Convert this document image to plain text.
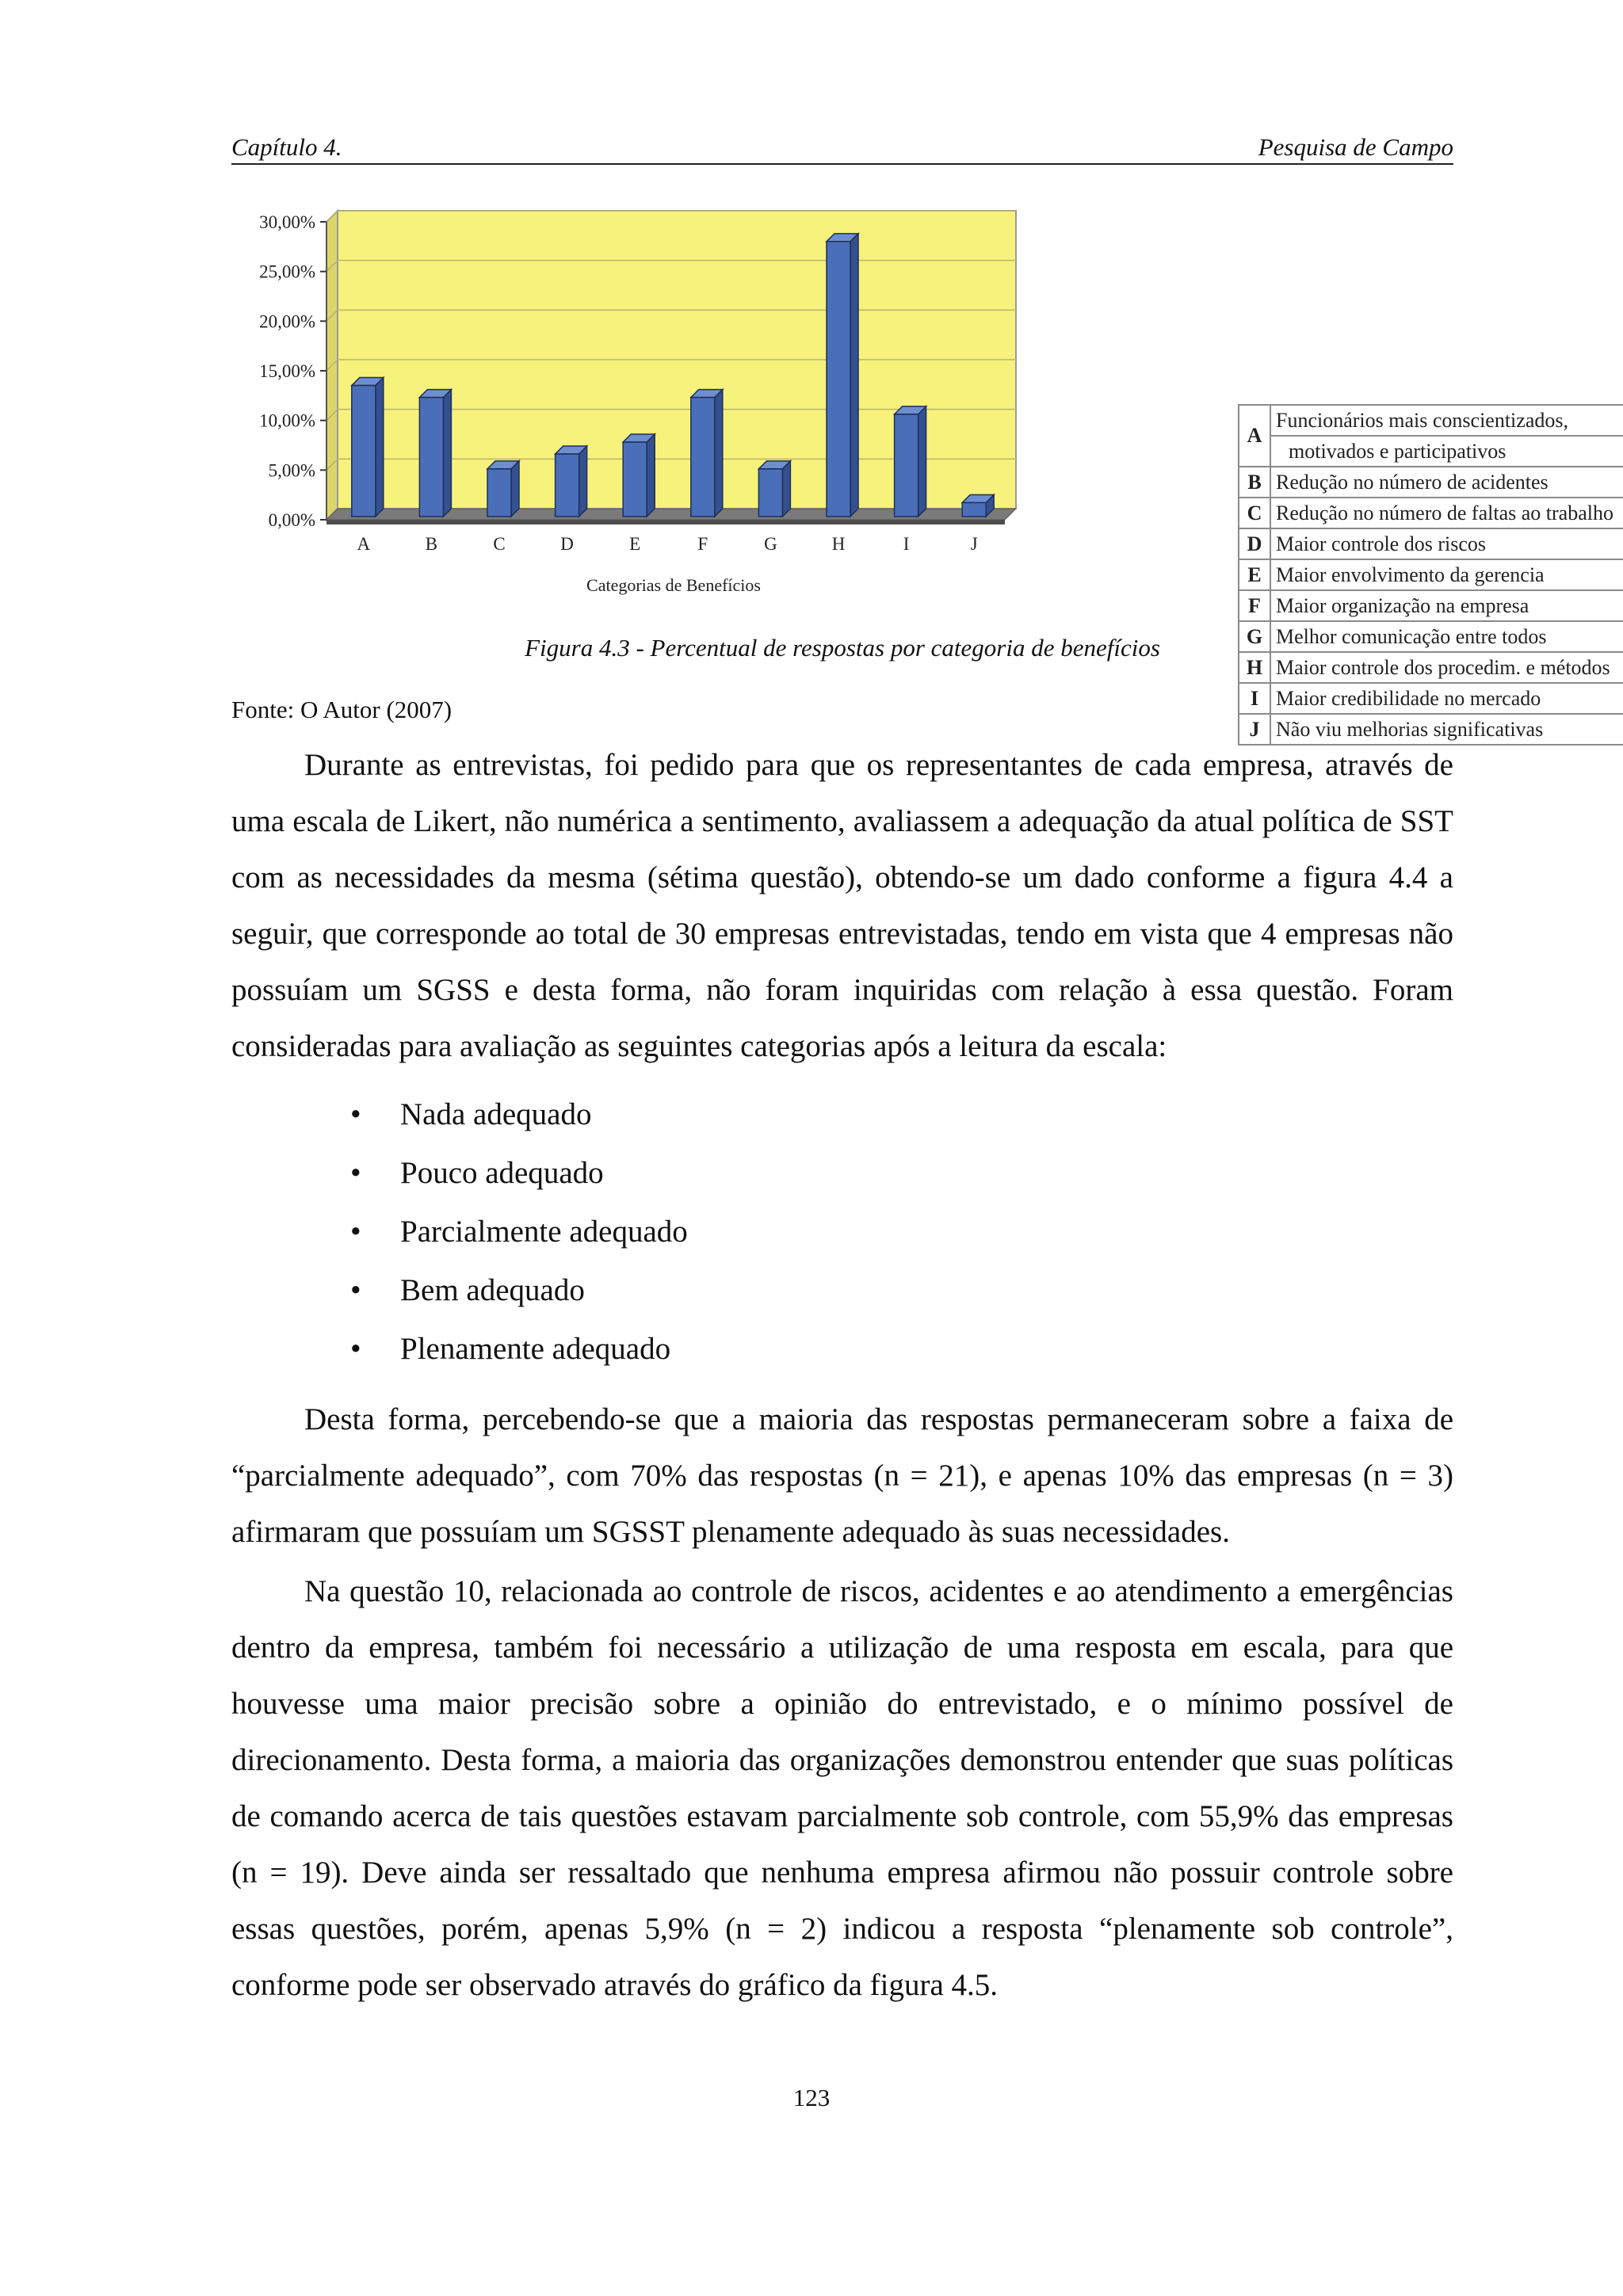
Capítulo 4.	Pesquisa de Campo
0,00%
5,00%
10,00%
15,00%
20,00%
25,00%
30,00%
A	B	C	D	E	F	G	H	I	J
Categorias de Benefícios
A	Funcionários mais conscientizados,
	motivados e participativos
B	Redução no número de acidentes
C	Redução no número de faltas ao trabalho
D	Maior controle dos riscos
E	Maior envolvimento da gerencia
F	Maior organização na empresa
G	Melhor comunicação entre todos
H	Maior controle dos procedim. e métodos
I	Maior credibilidade no mercado
J	Não viu melhorias significativas
Figura 4.3 - Percentual de respostas por categoria de benefícios
Fonte: O Autor (2007)

Durante as entrevistas, foi pedido para que os representantes de cada empresa, através de uma escala de Likert, não numérica a sentimento, avaliassem a adequação da atual política de SST com as necessidades da mesma (sétima questão), obtendo-se um dado conforme a figura 4.4 a seguir, que corresponde ao total de 30 empresas entrevistadas, tendo em vista que 4 empresas não possuíam um SGSS e desta forma, não foram inquiridas com relação à essa questão. Foram consideradas para avaliação as seguintes categorias após a leitura da escala:

• Nada adequado
• Pouco adequado
• Parcialmente adequado
• Bem adequado
• Plenamente adequado

Desta forma, percebendo-se que a maioria das respostas permaneceram sobre a faixa de “parcialmente adequado”, com 70% das respostas (n = 21), e apenas 10% das empresas (n = 3) afirmaram que possuíam um SGSST plenamente adequado às suas necessidades.

Na questão 10, relacionada ao controle de riscos, acidentes e ao atendimento a emergências dentro da empresa, também foi necessário a utilização de uma resposta em escala, para que houvesse uma maior precisão sobre a opinião do entrevistado, e o mínimo possível de direcionamento. Desta forma, a maioria das organizações demonstrou entender que suas políticas de comando acerca de tais questões estavam parcialmente sob controle, com 55,9% das empresas (n = 19). Deve ainda ser ressaltado que nenhuma empresa afirmou não possuir controle sobre essas questões, porém, apenas 5,9% (n = 2) indicou a resposta “plenamente sob controle”, conforme pode ser observado através do gráfico da figura 4.5.

123
